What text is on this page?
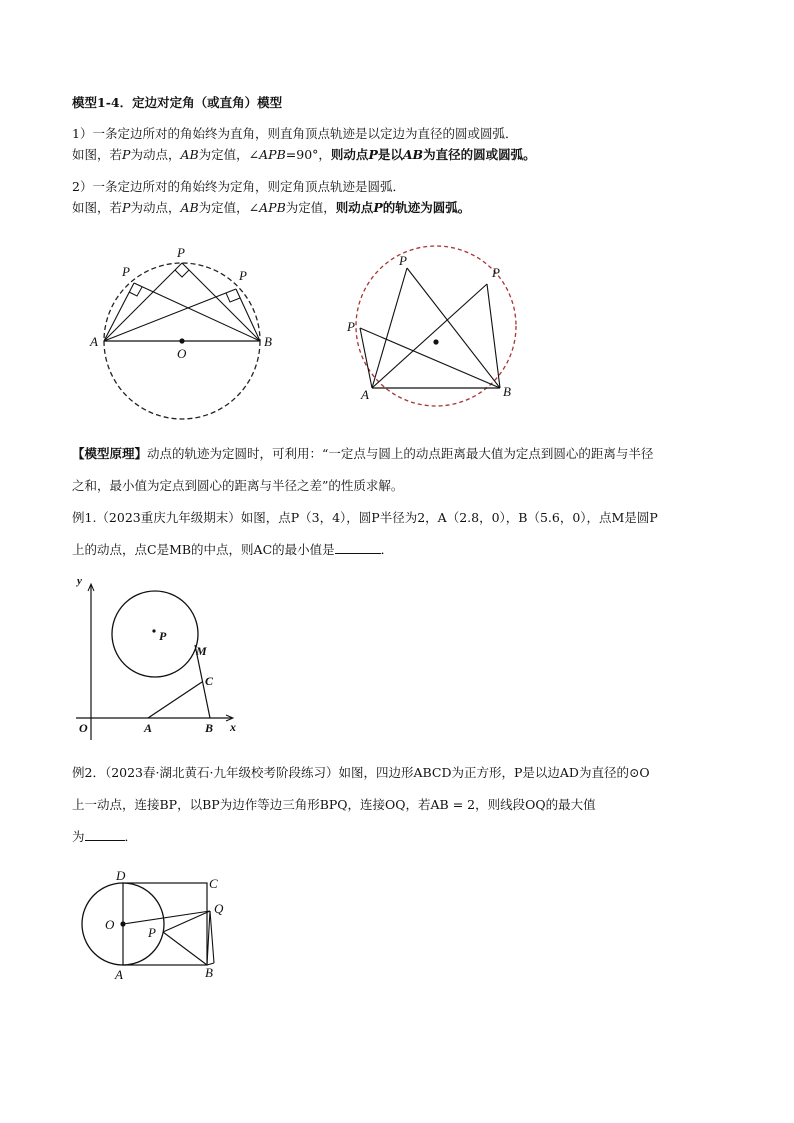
模型1-4．定边对定角（或直角）模型
1）一条定边所对的角始终为直角，则直角顶点轨迹是以定边为直径的圆或圆弧．
如图，若P为动点，AB为定值，∠APB=90°，则动点P是以AB为直径的圆或圆弧。
2）一条定边所对的角始终为定角，则定角顶点轨迹是圆弧．
如图，若P为动点，AB为定值，∠APB为定值，则动点P的轨迹为圆弧。
A	B
O
P
P
P
A	B
P
P
P
y
x
O	A	B
C
M
P
D
C
O
P
Q
A	B
【模型原理】动点的轨迹为定圆时，可利用：“一定点与圆上的动点距离最大值为定点到圆心的距离与半径
之和，最小值为定点到圆心的距离与半径之差”的性质求解。
例1.（2023重庆九年级期末）如图，点P（3，4），圆P半径为2，A（2.8，0），B（5.6，0），点M是圆P
上的动点，点C是MB的中点，则AC的最小值是	．
例2．（2023春·湖北黄石·九年级校考阶段练习）如图，四边形ABCD为正方形，P是以边AD为直径的⊙O
上一动点，连接BP，以BP为边作等边三角形BPQ，连接OQ，若AB = 2，则线段OQ的最大值
为	．
